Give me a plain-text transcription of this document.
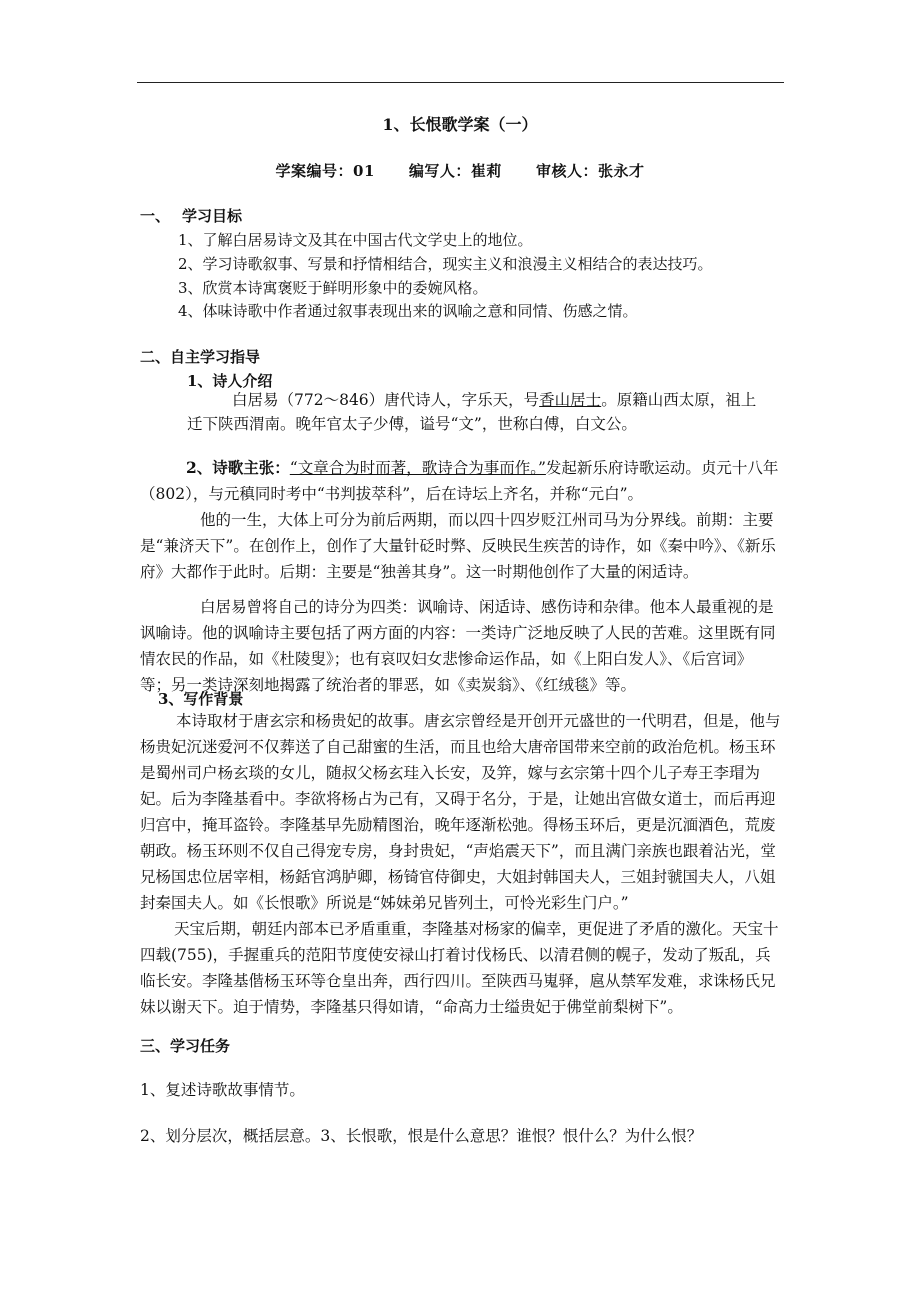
1、长恨歌学案（一）
学案编号：01 编写人：崔莉 审核人：张永才
一、 学习目标
1、了解白居易诗文及其在中国古代文学史上的地位。
2、学习诗歌叙事、写景和抒情相结合，现实主义和浪漫主义相结合的表达技巧。
3、欣赏本诗寓褒贬于鲜明形象中的委婉风格。
4、体味诗歌中作者通过叙事表现出来的讽喻之意和同情、伤感之情。
二、自主学习指导
1、诗人介绍
白居易（772～846）唐代诗人，字乐天，号香山居士。原籍山西太原，祖上
迁下陕西渭南。晚年官太子少傅，谥号“文”，世称白傅，白文公。

2、诗歌主张：“文章合为时而著，歌诗合为事而作。”发起新乐府诗歌运动。贞元十八年（802），与元稹同时考中“书判拔萃科”，后在诗坛上齐名，并称“元白”。

他的一生，大体上可分为前后两期，而以四十四岁贬江州司马为分界线。前期：主要是“兼济天下”。在创作上，创作了大量针砭时弊、反映民生疾苦的诗作，如《秦中吟》、《新乐府》大都作于此时。后期：主要是“独善其身”。这一时期他创作了大量的闲适诗。

白居易曾将自己的诗分为四类：讽喻诗、闲适诗、感伤诗和杂律。他本人最重视的是讽喻诗。他的讽喻诗主要包括了两方面的内容：一类诗广泛地反映了人民的苦难。这里既有同情农民的作品，如《杜陵叟》；也有哀叹妇女悲惨命运作品，如《上阳白发人》、《后宫词》等；另一类诗深刻地揭露了统治者的罪恶，如《卖炭翁》、《红绒毯》等。

3、写作背景

本诗取材于唐玄宗和杨贵妃的故事。唐玄宗曾经是开创开元盛世的一代明君，但是，他与杨贵妃沉迷爱河不仅葬送了自己甜蜜的生活，而且也给大唐帝国带来空前的政治危机。杨玉环是蜀州司户杨玄琰的女儿，随叔父杨玄珪入长安，及笄，嫁与玄宗第十四个儿子寿王李瑁为妃。后为李隆基看中。李欲将杨占为己有，又碍于名分，于是，让她出宫做女道士，而后再迎归宫中，掩耳盗铃。李隆基早先励精图治，晚年逐渐松弛。得杨玉环后，更是沉湎酒色，荒废朝政。杨玉环则不仅自己得宠专房，身封贵妃，“声焰震天下”，而且满门亲族也跟着沾光，堂兄杨国忠位居宰相，杨銛官鸿胪卿，杨锜官侍御史，大姐封韩国夫人，三姐封虢国夫人，八姐封秦国夫人。如《长恨歌》所说是“姊妹弟兄皆列土，可怜光彩生门户。”

天宝后期，朝廷内部本已矛盾重重，李隆基对杨家的偏幸，更促进了矛盾的激化。天宝十四载(755)，手握重兵的范阳节度使安禄山打着讨伐杨氏、以清君侧的幌子，发动了叛乱，兵临长安。李隆基偕杨玉环等仓皇出奔，西行四川。至陕西马嵬驿，扈从禁军发难，求诛杨氏兄妹以谢天下。迫于情势，李隆基只得如请，“命高力士缢贵妃于佛堂前梨树下”。

三、学习任务
1、复述诗歌故事情节。
2、划分层次，概括层意。3、长恨歌，恨是什么意思？谁恨？恨什么？为什么恨？
